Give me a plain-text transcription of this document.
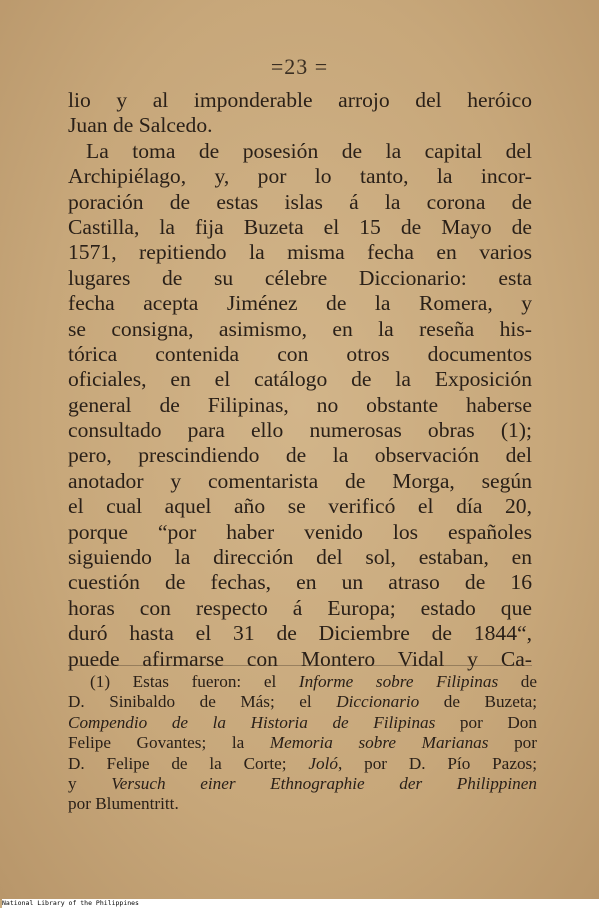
=23 =
lio y al imponderable arrojo del heróico
Juan de Salcedo.
La toma de posesión de la capital del
Archipiélago, y, por lo tanto, la incor-
poración de estas islas á la corona de
Castilla, la fija Buzeta el 15 de Mayo de
1571, repitiendo la misma fecha en varios
lugares de su célebre Diccionario: esta
fecha acepta Jiménez de la Romera, y
se consigna, asimismo, en la reseña his-
tórica contenida con otros documentos
oficiales, en el catálogo de la Exposición
general de Filipinas, no obstante haberse
consultado para ello numerosas obras (1);
pero, prescindiendo de la observación del
anotador y comentarista de Morga, según
el cual aquel año se verificó el día 20,
porque “por haber venido los españoles
siguiendo la dirección del sol, estaban, en
cuestión de fechas, en un atraso de 16
horas con respecto á Europa; estado que
duró hasta el 31 de Diciembre de 1844“,
puede afirmarse con Montero Vidal y Ca-
(1) Estas fueron: el Informe sobre Filipinas de
D. Sinibaldo de Más; el Diccionario de Buzeta;
Compendio de la Historia de Filipinas por Don
Felipe Govantes; la Memoria sobre Marianas por
D. Felipe de la Corte; Joló, por D. Pío Pazos;
y Versuch einer Ethnographie der Philippinen
por Blumentritt.
National Library of the Philippines
